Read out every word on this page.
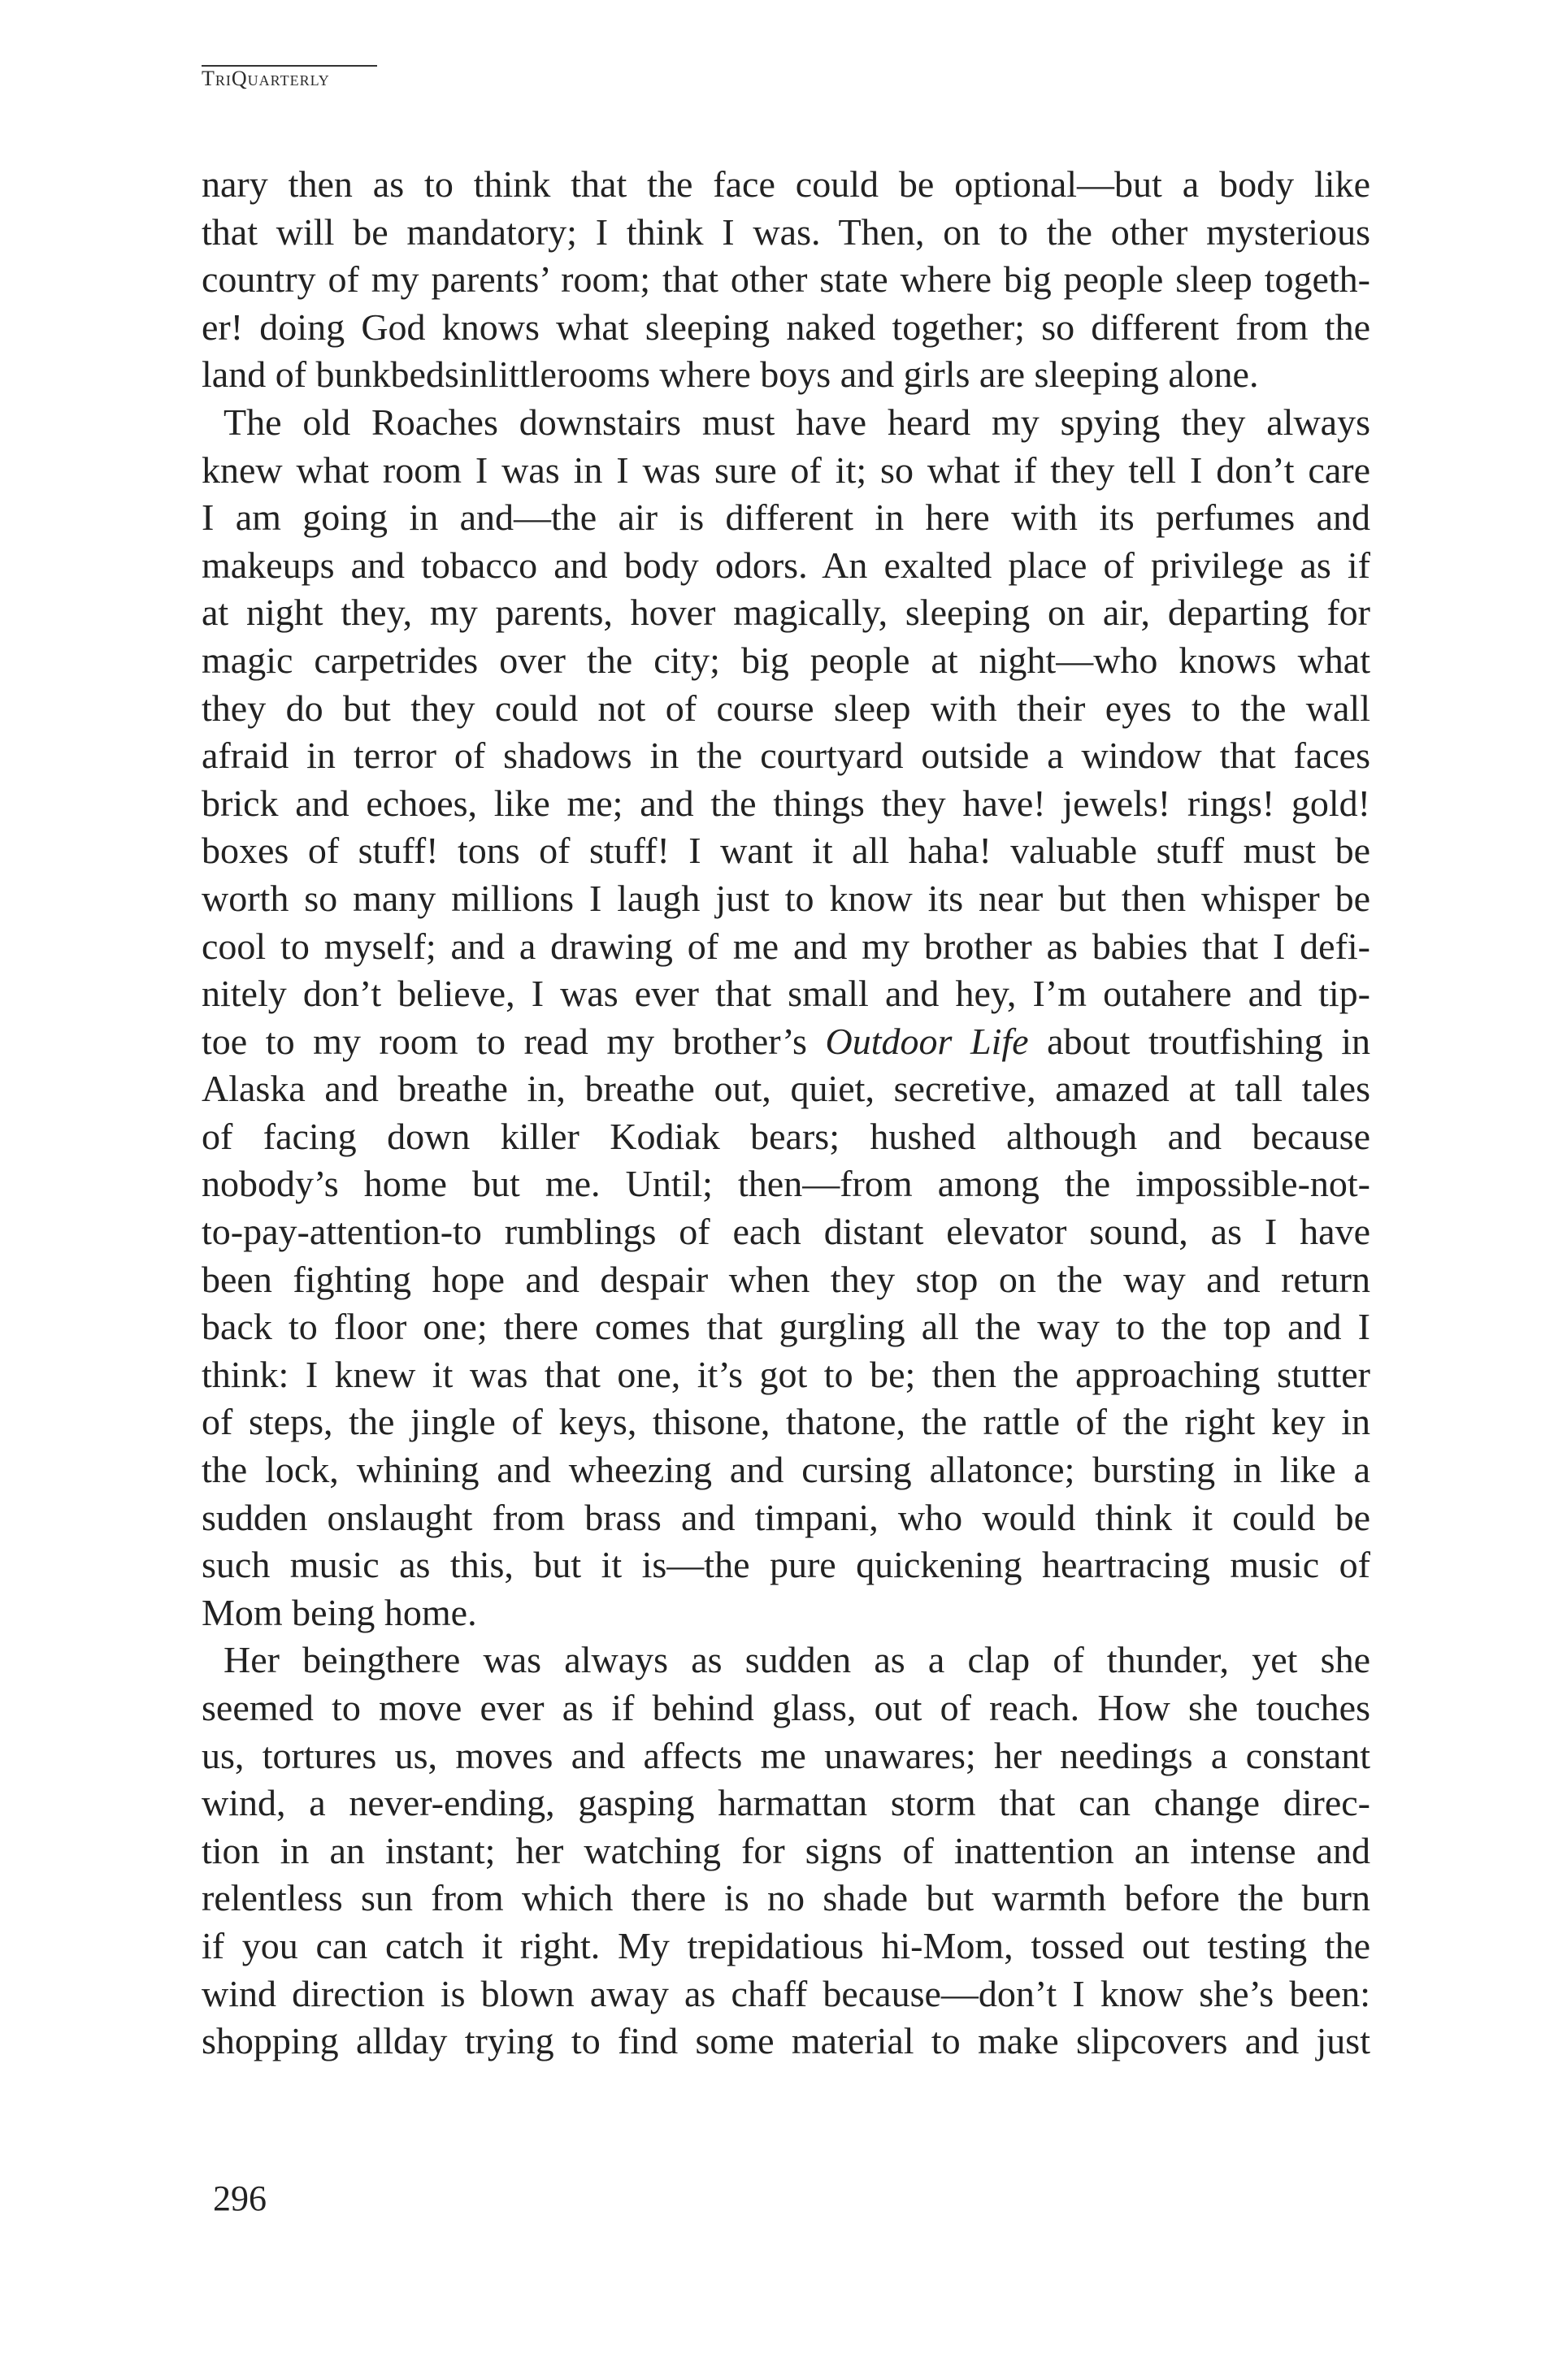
TriQuarterly
nary then as to think that the face could be optional—but a body like
that will be mandatory; I think I was. Then, on to the other mysterious
country of my parents’ room; that other state where big people sleep togeth-
er! doing God knows what sleeping naked together; so different from the
land of bunkbedsinlittlerooms where boys and girls are sleeping alone.
The old Roaches downstairs must have heard my spying they always
knew what room I was in I was sure of it; so what if they tell I don’t care
I am going in and—the air is different in here with its perfumes and
makeups and tobacco and body odors. An exalted place of privilege as if
at night they, my parents, hover magically, sleeping on air, departing for
magic carpetrides over the city; big people at night—who knows what
they do but they could not of course sleep with their eyes to the wall
afraid in terror of shadows in the courtyard outside a window that faces
brick and echoes, like me; and the things they have! jewels! rings! gold!
boxes of stuff! tons of stuff! I want it all haha! valuable stuff must be
worth so many millions I laugh just to know its near but then whisper be
cool to myself; and a drawing of me and my brother as babies that I defi-
nitely don’t believe, I was ever that small and hey, I’m outahere and tip-
toe to my room to read my brother’s Outdoor Life about troutfishing in
Alaska and breathe in, breathe out, quiet, secretive, amazed at tall tales
of facing down killer Kodiak bears; hushed although and because
nobody’s home but me. Until; then—from among the impossible-not-
to-pay-attention-to rumblings of each distant elevator sound, as I have
been fighting hope and despair when they stop on the way and return
back to floor one; there comes that gurgling all the way to the top and I
think: I knew it was that one, it’s got to be; then the approaching stutter
of steps, the jingle of keys, thisone, thatone, the rattle of the right key in
the lock, whining and wheezing and cursing allatonce; bursting in like a
sudden onslaught from brass and timpani, who would think it could be
such music as this, but it is—the pure quickening heartracing music of
Mom being home.
Her beingthere was always as sudden as a clap of thunder, yet she
seemed to move ever as if behind glass, out of reach. How she touches
us, tortures us, moves and affects me unawares; her needings a constant
wind, a never-ending, gasping harmattan storm that can change direc-
tion in an instant; her watching for signs of inattention an intense and
relentless sun from which there is no shade but warmth before the burn
if you can catch it right. My trepidatious hi-Mom, tossed out testing the
wind direction is blown away as chaff because—don’t I know she’s been:
shopping allday trying to find some material to make slipcovers and just
296
